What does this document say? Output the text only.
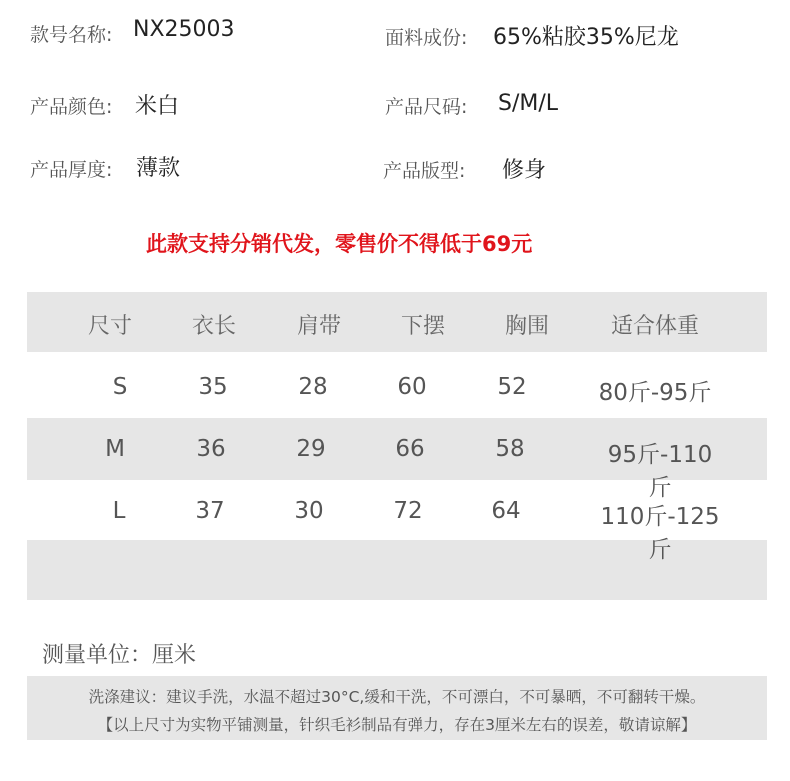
款号名称: NX25003	面料成份: 65%粘胶35%尼龙
产品颜色: 米白	产品尺码: S/M/L
产品厚度: 薄款	产品版型: 修身
此款支持分销代发，零售价不得低于69元
尺寸	衣长	肩带	下摆	胸围	适合体重
S	35	28	60	52	80斤-95斤
M	36	29	66	58	95斤-110斤
L	37	30	72	64	110斤-125斤
测量单位：厘米
洗涤建议：建议手洗，水温不超过30°C,缓和干洗，不可漂白，不可暴晒，不可翻转干燥。
【以上尺寸为实物平铺测量，针织毛衫制品有弹力，存在3厘米左右的误差，敬请谅解】
